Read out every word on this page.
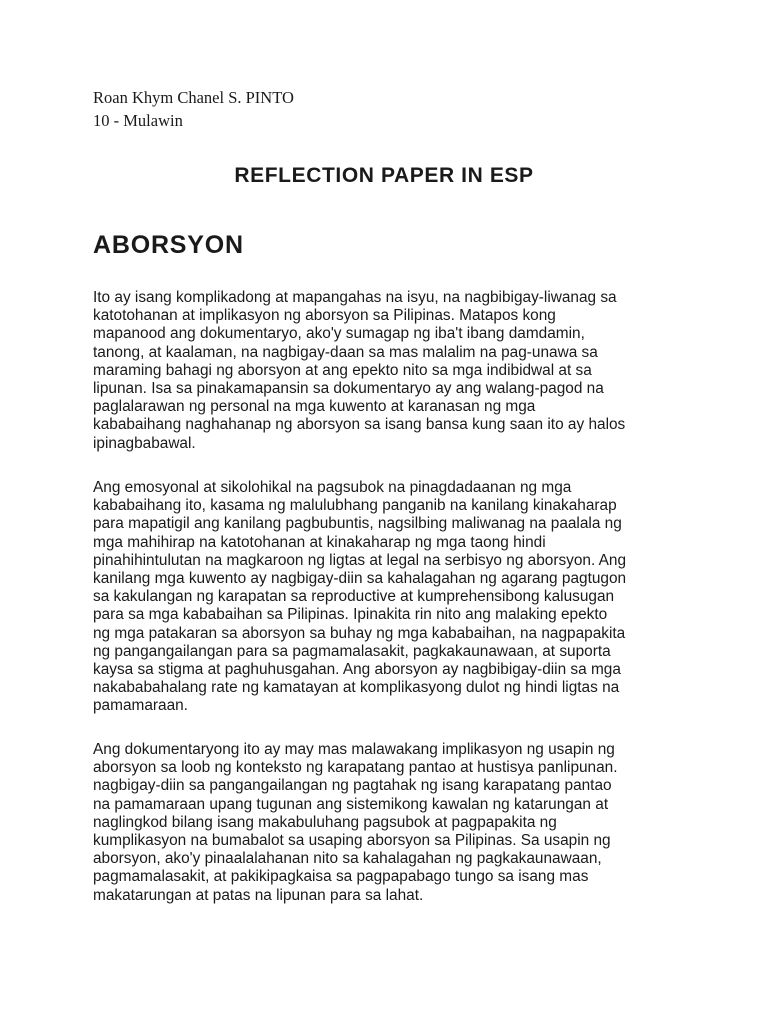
Roan Khym Chanel S. PINTO
10 - Mulawin
REFLECTION PAPER IN ESP
ABORSYON
Ito ay isang komplikadong at mapangahas na isyu, na nagbibigay-liwanag sa
katotohanan at implikasyon ng aborsyon sa Pilipinas. Matapos kong
mapanood ang dokumentaryo, ako'y sumagap ng iba't ibang damdamin,
tanong, at kaalaman, na nagbigay-daan sa mas malalim na pag-unawa sa
maraming bahagi ng aborsyon at ang epekto nito sa mga indibidwal at sa
lipunan. Isa sa pinakamapansin sa dokumentaryo ay ang walang-pagod na
paglalarawan ng personal na mga kuwento at karanasan ng mga
kababaihang naghahanap ng aborsyon sa isang bansa kung saan ito ay halos
ipinagbabawal.
Ang emosyonal at sikolohikal na pagsubok na pinagdadaanan ng mga
kababaihang ito, kasama ng malulubhang panganib na kanilang kinakaharap
para mapatigil ang kanilang pagbubuntis, nagsilbing maliwanag na paalala ng
mga mahihirap na katotohanan at kinakaharap ng mga taong hindi
pinahihintulutan na magkaroon ng ligtas at legal na serbisyo ng aborsyon. Ang
kanilang mga kuwento ay nagbigay-diin sa kahalagahan ng agarang pagtugon
sa kakulangan ng karapatan sa reproductive at kumprehensibong kalusugan
para sa mga kababaihan sa Pilipinas. Ipinakita rin nito ang malaking epekto
ng mga patakaran sa aborsyon sa buhay ng mga kababaihan, na nagpapakita
ng pangangailangan para sa pagmamalasakit, pagkakaunawaan, at suporta
kaysa sa stigma at paghuhusgahan. Ang aborsyon ay nagbibigay-diin sa mga
nakababahalang rate ng kamatayan at komplikasyong dulot ng hindi ligtas na
pamamaraan.
Ang dokumentaryong ito ay may mas malawakang implikasyon ng usapin ng
aborsyon sa loob ng konteksto ng karapatang pantao at hustisya panlipunan.
nagbigay-diin sa pangangailangan ng pagtahak ng isang karapatang pantao
na pamamaraan upang tugunan ang sistemikong kawalan ng katarungan at
naglingkod bilang isang makabuluhang pagsubok at pagpapakita ng
kumplikasyon na bumabalot sa usaping aborsyon sa Pilipinas. Sa usapin ng
aborsyon, ako'y pinaalalahanan nito sa kahalagahan ng pagkakaunawaan,
pagmamalasakit, at pakikipagkaisa sa pagpapabago tungo sa isang mas
makatarungan at patas na lipunan para sa lahat.
